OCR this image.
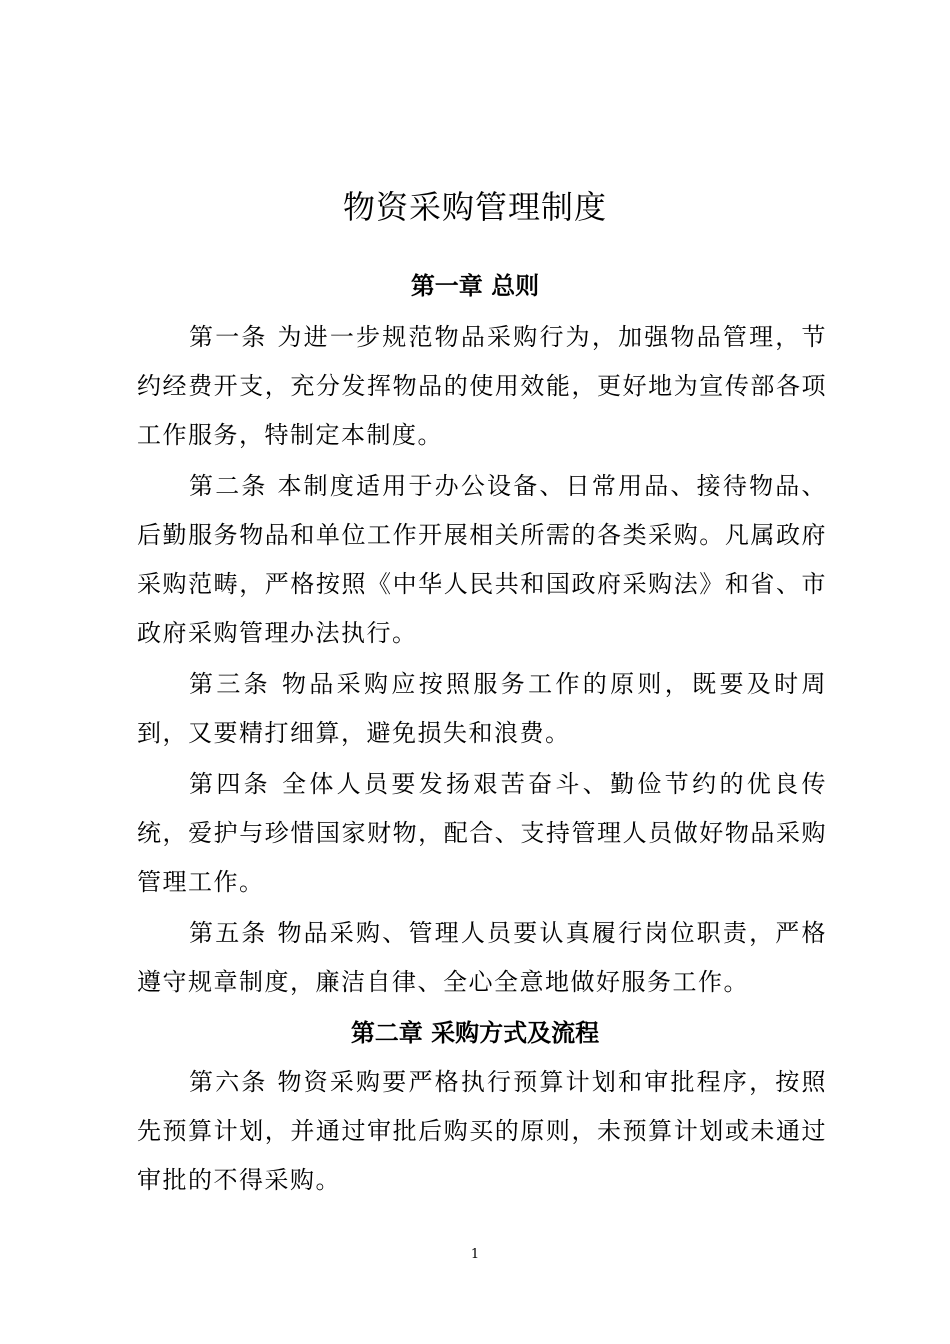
物资采购管理制度
第一章 总则

第一条 为进一步规范物品采购行为，加强物品管理，节约经费开支，充分发挥物品的使用效能，更好地为宣传部各项工作服务，特制定本制度。

第二条 本制度适用于办公设备、日常用品、接待物品、后勤服务物品和单位工作开展相关所需的各类采购。凡属政府采购范畴，严格按照《中华人民共和国政府采购法》和省、市政府采购管理办法执行。

第三条 物品采购应按照服务工作的原则，既要及时周到，又要精打细算，避免损失和浪费。

第四条 全体人员要发扬艰苦奋斗、勤俭节约的优良传统，爱护与珍惜国家财物，配合、支持管理人员做好物品采购管理工作。

第五条 物品采购、管理人员要认真履行岗位职责，严格遵守规章制度，廉洁自律、全心全意地做好服务工作。

第二章 采购方式及流程

第六条 物资采购要严格执行预算计划和审批程序，按照先预算计划，并通过审批后购买的原则，未预算计划或未通过审批的不得采购。

1
